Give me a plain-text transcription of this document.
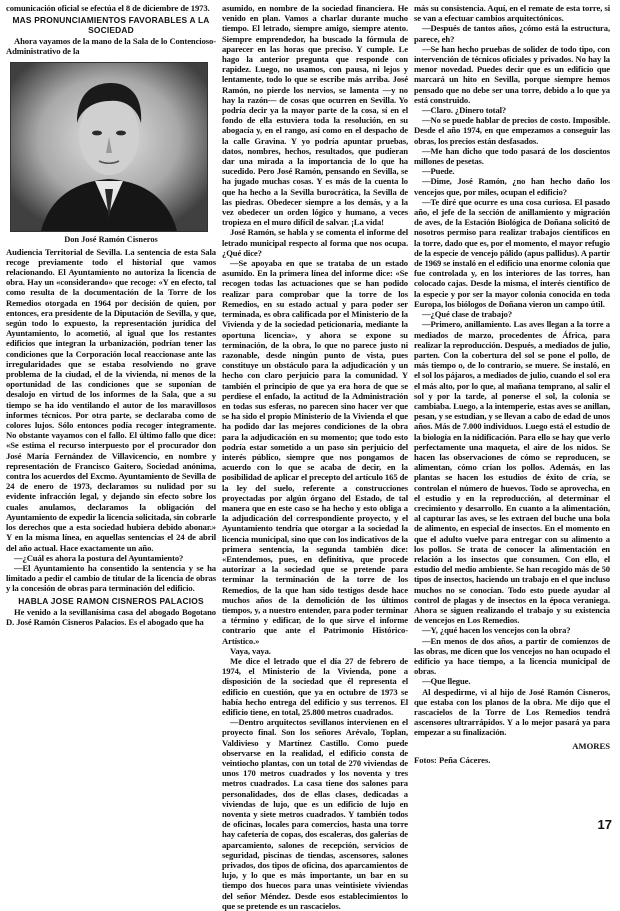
comunicación oficial se efectúa el 8 de diciembre de 1973.

MAS PRONUNCIAMIENTOS FAVORABLES A LA SOCIEDAD

Ahora vayamos de la mano de la Sala de lo Contencioso-Administrativo de la

Don José Ramón Cisneros

Audiencia Territorial de Sevilla. La sentencia de esta Sala recoge previamente todo el historial que vamos relacionando. El Ayuntamiento no autoriza la licencia de obra. Hay un «considerando» que recoge: «Y en efecto, tal como resulta de la documentación de la Torre de los Remedios otorgada en 1964 por decisión de quien, por entonces, era presidente de la Diputación de Sevilla, y que, según todo lo expuesto, la representación jurídica del Ayuntamiento, lo acometió, al igual que los restantes edificios que integran la urbanización, podrían tener las condiciones que la Corporación local reaccionase ante las irregularidades que se estaba resolviendo no grave problema de la ciudad, el de la vivienda, ni menos de la oportunidad de las condiciones que se suponían de desalojo en virtud de los informes de la Sala, que a su tiempo se ha ido ventilando el autor de los maravillosos informes técnicos. Por otra parte, se declaraba como de colores lujos. Sólo entonces podía recoger íntegramente. No obstante vayamos con el fallo. El último fallo que dice: «Se estima el recurso interpuesto por el procurador don José María Fernández de Villavicencio, en nombre y representación de Francisco Gaitero, Sociedad anónima, contra los acuerdos del Excmo. Ayuntamiento de Sevilla de 24 de enero de 1973, declaramos su nulidad por su evidente infracción legal, y dejando sin efecto sobre los cuales anulamos, declaramos la obligación del Ayuntamiento de expedir la licencia solicitada, sin cobrarle los derechos que a esta sociedad hubiera debido abonar.» Y en la misma línea, en aquellas sentencias el 24 de abril del año actual. Hace exactamente un año.

—¿Cuál es ahora la postura del Ayuntamiento?

—El Ayuntamiento ha consentido la sentencia y se ha limitado a pedir el cambio de titular de la licencia de obras y la concesión de obras para terminación del edificio.

HABLA JOSE RAMON CISNEROS PALACIOS

He venido a la sevillanísima casa del abogado Bogotano D. José Ramón Cisneros Palacios. Es el abogado que ha

asumido, en nombre de la sociedad financiera. He venido en plan. Vamos a charlar durante mucho tiempo. El letrado, siempre amigo, siempre atento. Siempre emprendedor, ha buscado la fórmula de aparecer en las horas que preciso. Y cumple. Le hago la anterior pregunta que responde con rapidez. Luego, no usamos, con pausa, ni lejos y lentamente, todo lo que se escribe más arriba. José Ramón, no pierde los nervios, se lamenta —y no hay la razón— de cosas que ocurren en Sevilla. Yo podría decir ya la mayor parte de la cosa, sí en el fondo de ella estuviera toda la resolución, en su abogacía y, en el rango, así como en el despacho de la calle Gravina. Y yo podría apuntar pruebas, datos, nombres, hechos, resultados, que pudieran dar una mirada a la importancia de lo que ha sucedido. Pero José Ramón, pensando en Sevilla, se ha jugado muchas cosas. Y es más de la cuenta lo que ha hecho a la Sevilla burocrática, la Sevilla de las piedras. Obedecer siempre a los demás, y a la vez obedecer un orden lógico y humano, a veces tropieza en el muro difícil de salvar. ¡La vida!

José Ramón, se habla y se comenta el informe del letrado municipal respecto al forma que nos ocupa. ¿Qué dice?

—Se apoyaba en que se trataba de un estado asumido. En la primera línea del informe dice: «Se recogen todas las actuaciones que se han podido realizar para comprobar que la torre de los Remedios, en su estado actual y para poder ser terminada, es obra calificada por el Ministerio de la Vivienda y de la sociedad peticionaria, mediante la oportuna licencia», y ahora se expone su terminación, de la obra, lo que no parece justo ni razonable, desde ningún punto de vista, pues constituye un obstáculo para la adjudicación y un hecho con claro perjuicio para la comunidad. Y también el principio de que ya era hora de que se perdiese el enfado, la actitud de la Administración en todas sus esferas, no parecen sino hacer ver que se ha sido el propio Ministerio de la Vivienda el que ha podido dar las mejores condiciones de la obra para la adjudicación en su momento; que todo esto podría estar sometido a un paso sin perjuicio del interés público, siempre que nos pongamos de acuerdo con lo que se acaba de decir, en la posibilidad de aplicar el precepto del artículo 165 de la ley del suelo, referente a construcciones proyectadas por algún órgano del Estado, de tal manera que en este caso se ha hecho y esto obliga a la adjudicación del correspondiente proyecto, y el Ayuntamiento tendría que otorgar a la sociedad la licencia municipal, sino que con los indicativos de la primera sentencia, la segunda también dice: «Entendemos, pues, en definitiva, que procede autorizar a la sociedad que se pretende para terminar la terminación de la torre de los Remedios, de la que han sido testigos desde hace muchos años de la demolición de los últimos tiempos, y, a nuestro entender, para poder terminar a término y edificar, de lo que sirve el informe contrario que ante el Patrimonio Histórico-Artístico.»

Vaya, vaya.

Me dice el letrado que el día 27 de febrero de 1974, el Ministerio de la Vivienda, pone a disposición de la sociedad que él representa el edificio en cuestión, que ya en octubre de 1973 se había hecho entrega del edificio y sus terrenos. El edificio tiene, en total, 25.800 metros cuadrados.

—Dentro arquitectos sevillanos intervienen en el proyecto final. Son los señores Arévalo, Toplan, Valdivieso y Martínez Castillo. Como puede observarse en la realidad, el edificio consta de veintiocho plantas, con un total de 270 viviendas de unos 170 metros cuadrados y los noventa y tres metros cuadrados. La casa tiene dos salones para personalidades, dos de ellas clases, dedicadas a viviendas de lujo, que es un edificio de lujo en noventa y siete metros cuadrados. Y también todos de oficinas, locales para comercios, hasta una torre hay cafetería de copas, dos escaleras, dos galerías de aparcamiento, salones de recepción, servicios de seguridad, piscinas de tiendas, ascensores, salones privados, dos tipos de oficina, dos aparcamientos de lujo, y lo que es más importante, un bar en su tiempo dos huecos para unas veintisiete viviendas del señor Méndez. Desde esos establecimientos lo que se pretende es un rascacielos.

más su consistencia. Aquí, en el remate de esta torre, si se van a efectuar cambios arquitectónicos.

—Después de tantos años, ¿cómo está la estructura, parece, eh?

—Se han hecho pruebas de solidez de todo tipo, con intervención de técnicos oficiales y privados. No hay la menor novedad. Puedes decir que es un edificio que marcará un hito en Sevilla, porque siempre hemos pensado que no debe ser una torre, debido a lo que ya está construido.

—Claro. ¿Dinero total?

—No se puede hablar de precios de costo. Imposible. Desde el año 1974, en que empezamos a conseguir las obras, los precios están desfasados.

—Me han dicho que todo pasará de los doscientos millones de pesetas.

—Puede.

—Dime, José Ramón, ¿no han hecho daño los vencejos que, por miles, ocupan el edificio?

—Te diré que ocurre es una cosa curiosa. El pasado año, el jefe de la sección de anillamiento y migración de aves, de la Estación Biológica de Doñana solicitó de nosotros permiso para realizar trabajos científicos en la torre, dado que es, por el momento, el mayor refugio de la especie de vencejo pálido (apus pallidus). A partir de 1969 se instaló en el edificio una enorme colonia que fue controlada y, en los interiores de las torres, han colocado cajas. Desde la misma, el interés científico de la especie y por ser la mayor colonia conocida en toda Europa, los biólogos de Doñana vieron un campo útil.

—¿Qué clase de trabajo?

—Primero, anillamiento. Las aves llegan a la torre a mediados de marzo, procedentes de África, para realizar la reproducción. Después, a mediados de julio, parten. Con la cobertura del sol se pone el pollo, de más tiempo o, de lo contrario, se muere. Se instaló, en el sol los pájaros, a mediados de julio, cuando el sol era el más alto, por lo que, al mañana temprano, al salir el sol y por la tarde, al ponerse el sol, la colonia se cambiaba. Luego, a la intemperie, estas aves se anillan, pesan, y se estudian, y se llevan a cabo de edad de unos años. Más de 7.000 individuos. Luego está el estudio de la biología en la nidificación. Para ello se hay que verlo perfectamente una maqueta, el aire de los nidos. Se hacen las observaciones de cómo se reproducen, se alimentan, cómo crían los pollos. Además, en las plantas se hacen los estudios de éxito de cría, se controlan el número de huevos. Todo se aprovecha, en el estudio y en la reproducción, al determinar el crecimiento y desarrollo. En cuanto a la alimentación, al capturar las aves, se les extraen del buche una bola de alimento, en especial de insectos. En el momento en que el adulto vuelve para entregar con su alimento a los pollos. Se trata de conocer la alimentación en relación a los insectos que consumen. Con ello, el estudio del medio ambiente. Se han recogido más de 50 tipos de insectos, haciendo un trabajo en el que incluso muchos no se conocían. Todo esto puede ayudar al control de plagas y de insectos en la época veraniega. Ahora se siguen realizando el trabajo y su existencia de vencejos en Los Remedios.

—Y, ¿qué hacen los vencejos con la obra?

—En menos de dos años, a partir de comienzos de las obras, me dicen que los vencejos no han ocupado el edificio ya hace tiempo, a la licencia municipal de obras.

—Que llegue.

Al despedirme, vi al hijo de José Ramón Cisneros, que estaba con los planos de la obra. Me dijo que el rascacielos de la Torre de Los Remedios tendrá ascensores ultrarrápidos. Y a lo mejor pasará ya para empezar a su finalización.

AMORES
Fotos: Peña Cáceres.
17
